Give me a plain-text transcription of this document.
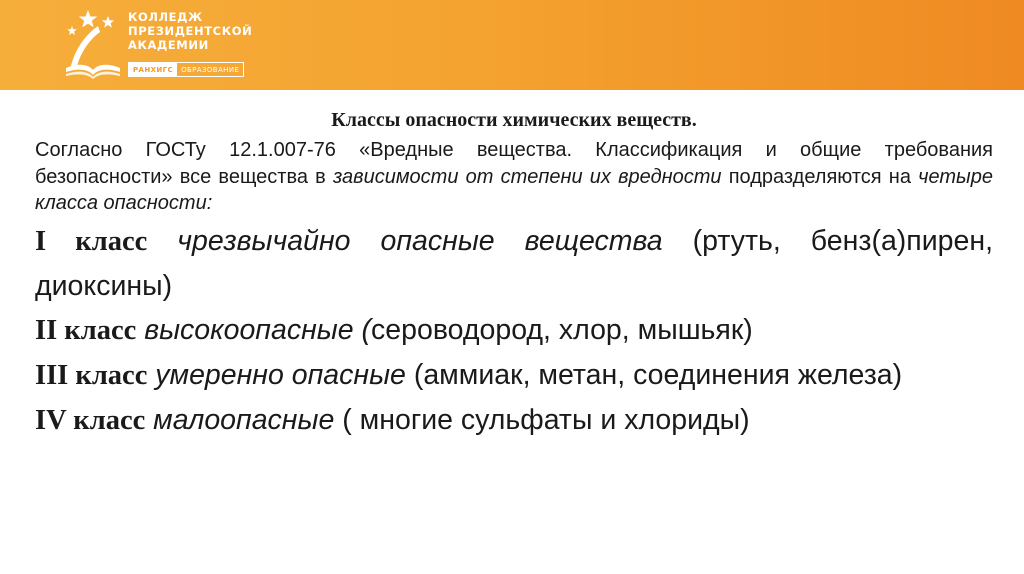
КОЛЛЕДЖ
ПРЕЗИДЕНТСКОЙ
АКАДЕМИИ
РАНХИГС	ОБРАЗОВАНИЕ

Классы опасности химических веществ.

Согласно ГОСТу 12.1.007-76 «Вредные вещества. Классификация и общие требования безопасности» все вещества в зависимости от степени их вредности подразделяются на четыре класса опасности:

I класс чрезвычайно опасные вещества (ртуть, бенз(а)пирен, диоксины)

II класс высокоопасные (сероводород, хлор, мышьяк)

III класс умеренно опасные (аммиак, метан, соединения железа)

IV класс малоопасные ( многие сульфаты и хлориды)
